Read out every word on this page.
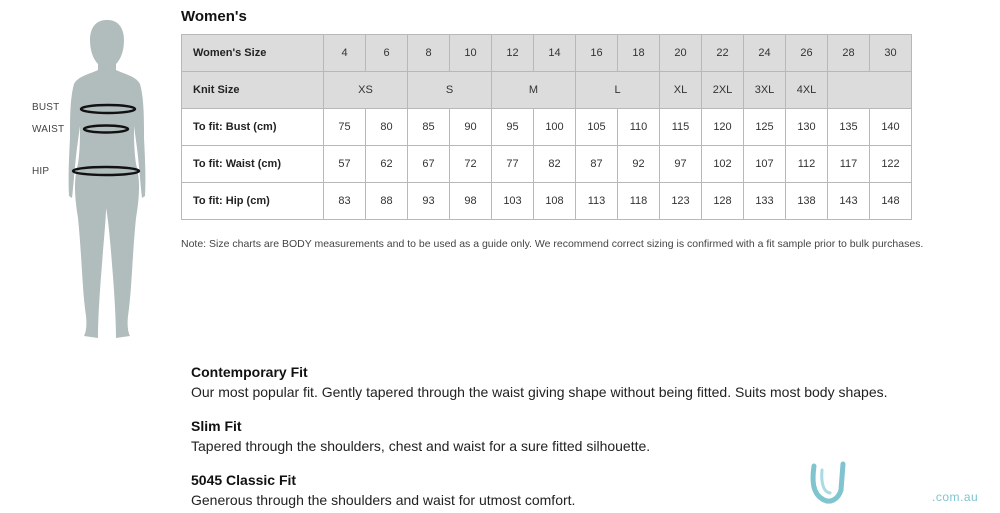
BUST
WAIST
HIP
Women's
Women's Size	4	6	8	10	12	14	16	18	20	22	24	26	28	30
Knit Size	XS		S		M		L		XL	2XL	3XL	4XL		
To fit: Bust (cm)	75	80	85	90	95	100	105	110	115	120	125	130	135	140
To fit: Waist (cm)	57	62	67	72	77	82	87	92	97	102	107	112	117	122
To fit: Hip (cm)	83	88	93	98	103	108	113	118	123	128	133	138	143	148
Note: Size charts are BODY measurements and to be used as a guide only. We recommend correct sizing is confirmed with a fit sample prior to bulk purchases.
Contemporary Fit
Our most popular fit. Gently tapered through the waist giving shape without being fitted. Suits most body shapes.
Slim Fit
Tapered through the shoulders, chest and waist for a sure fitted silhouette.
5045 Classic Fit
Generous through the shoulders and waist for utmost comfort.	.com.au
